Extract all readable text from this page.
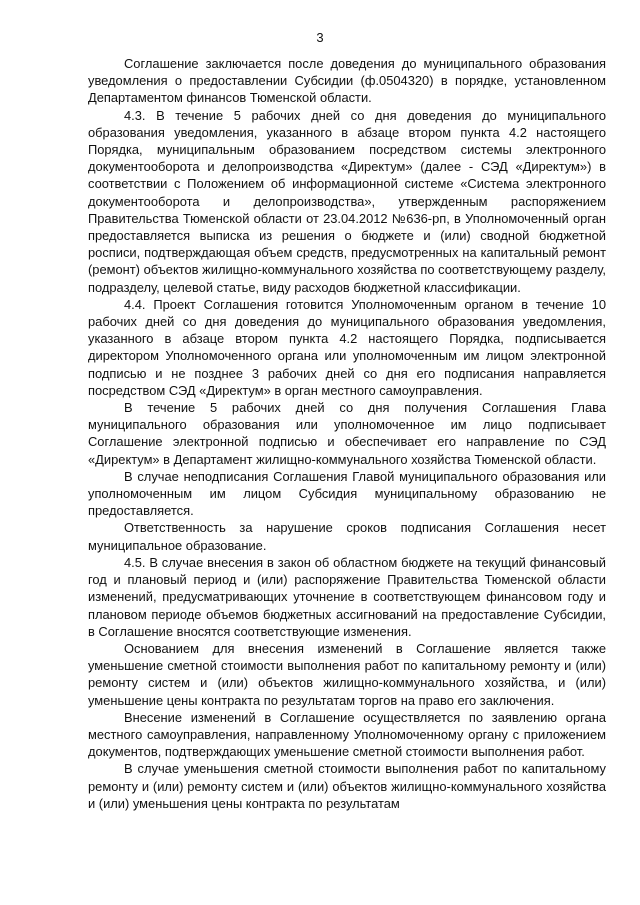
3

Соглашение заключается после доведения до муниципального образования уведомления о предоставлении Субсидии (ф.0504320) в порядке, установленном Департаментом финансов Тюменской области.

4.3. В течение 5 рабочих дней со дня доведения до муниципального образования уведомления, указанного в абзаце втором пункта 4.2 настоящего Порядка, муниципальным образованием посредством системы электронного документооборота и делопроизводства «Директум» (далее - СЭД «Директум») в соответствии с Положением об информационной системе «Система электронного документооборота и делопроизводства», утвержденным распоряжением Правительства Тюменской области от 23.04.2012 №636-рп, в Уполномоченный орган предоставляется выписка из решения о бюджете и (или) сводной бюджетной росписи, подтверждающая объем средств, предусмотренных на капитальный ремонт (ремонт) объектов жилищно-коммунального хозяйства по соответствующему разделу, подразделу, целевой статье, виду расходов бюджетной классификации.

4.4. Проект Соглашения готовится Уполномоченным органом в течение 10 рабочих дней со дня доведения до муниципального образования уведомления, указанного в абзаце втором пункта 4.2 настоящего Порядка, подписывается директором Уполномоченного органа или уполномоченным им лицом электронной подписью и не позднее 3 рабочих дней со дня его подписания направляется посредством СЭД «Директум» в орган местного самоуправления.

В течение 5 рабочих дней со дня получения Соглашения Глава муниципального образования или уполномоченное им лицо подписывает Соглашение электронной подписью и обеспечивает его направление по СЭД «Директум» в Департамент жилищно-коммунального хозяйства Тюменской области.

В случае неподписания Соглашения Главой муниципального образования или уполномоченным им лицом Субсидия муниципальному образованию не предоставляется.

Ответственность за нарушение сроков подписания Соглашения несет муниципальное образование.

4.5. В случае внесения в закон об областном бюджете на текущий финансовый год и плановый период и (или) распоряжение Правительства Тюменской области изменений, предусматривающих уточнение в соответствующем финансовом году и плановом периоде объемов бюджетных ассигнований на предоставление Субсидии, в Соглашение вносятся соответствующие изменения.

Основанием для внесения изменений в Соглашение является также уменьшение сметной стоимости выполнения работ по капитальному ремонту и (или) ремонту систем и (или) объектов жилищно-коммунального хозяйства, и (или) уменьшение цены контракта по результатам торгов на право его заключения.

Внесение изменений в Соглашение осуществляется по заявлению органа местного самоуправления, направленному Уполномоченному органу с приложением документов, подтверждающих уменьшение сметной стоимости выполнения работ.

В случае уменьшения сметной стоимости выполнения работ по капитальному ремонту и (или) ремонту систем и (или) объектов жилищно-коммунального хозяйства и (или) уменьшения цены контракта по результатам
